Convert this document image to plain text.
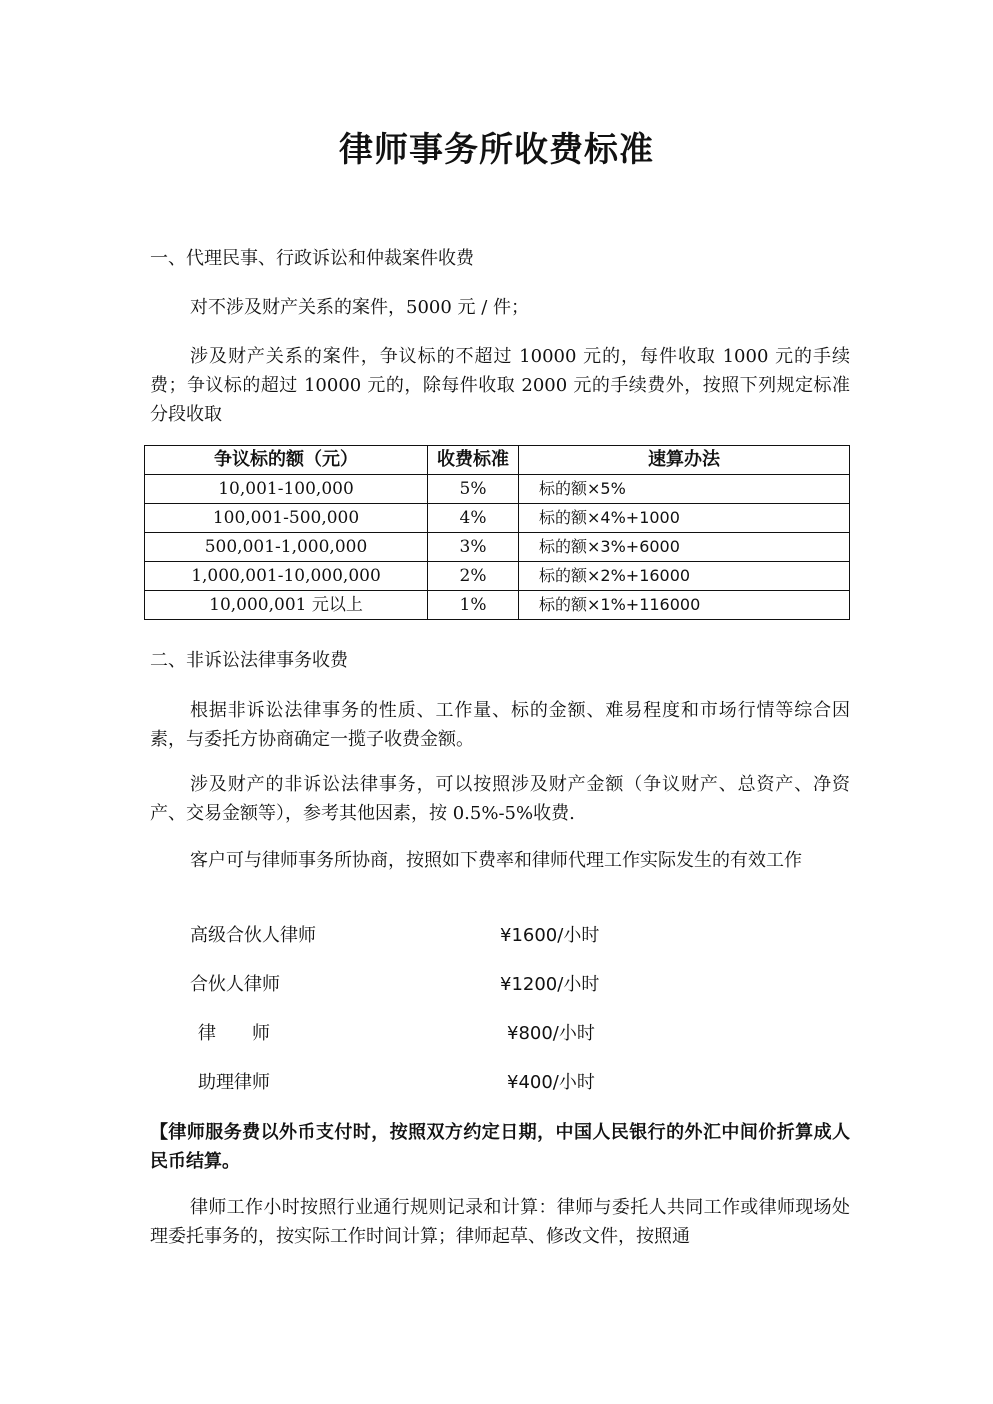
律师事务所收费标准
一、代理民事、行政诉讼和仲裁案件收费
对不涉及财产关系的案件，5000 元 / 件；
涉及财产关系的案件，争议标的不超过 10000 元的，每件收取 1000 元的手续费；争议标的超过 10000 元的，除每件收取 2000 元的手续费外，按照下列规定标准分段收取
争议标的额（元）	收费标准	速算办法
10,001-100,000	5%	标的额×5%
100,001-500,000	4%	标的额×4%+1000
500,001-1,000,000	3%	标的额×3%+6000
1,000,001-10,000,000	2%	标的额×2%+16000
10,000,001 元以上	1%	标的额×1%+116000
二、非诉讼法律事务收费
根据非诉讼法律事务的性质、工作量、标的金额、难易程度和市场行情等综合因素，与委托方协商确定一揽子收费金额。
涉及财产的非诉讼法律事务，可以按照涉及财产金额（争议财产、总资产、净资产、交易金额等），参考其他因素，按 0.5%-5%收费.
客户可与律师事务所协商，按照如下费率和律师代理工作实际发生的有效工作
高级合伙人律师	¥1600/小时
合伙人律师	¥1200/小时
律　　师	¥800/小时
助理律师	¥400/小时
【律师服务费以外币支付时，按照双方约定日期，中国人民银行的外汇中间价折算成人民币结算。
律师工作小时按照行业通行规则记录和计算：律师与委托人共同工作或律师现场处理委托事务的，按实际工作时间计算；律师起草、修改文件，按照通
